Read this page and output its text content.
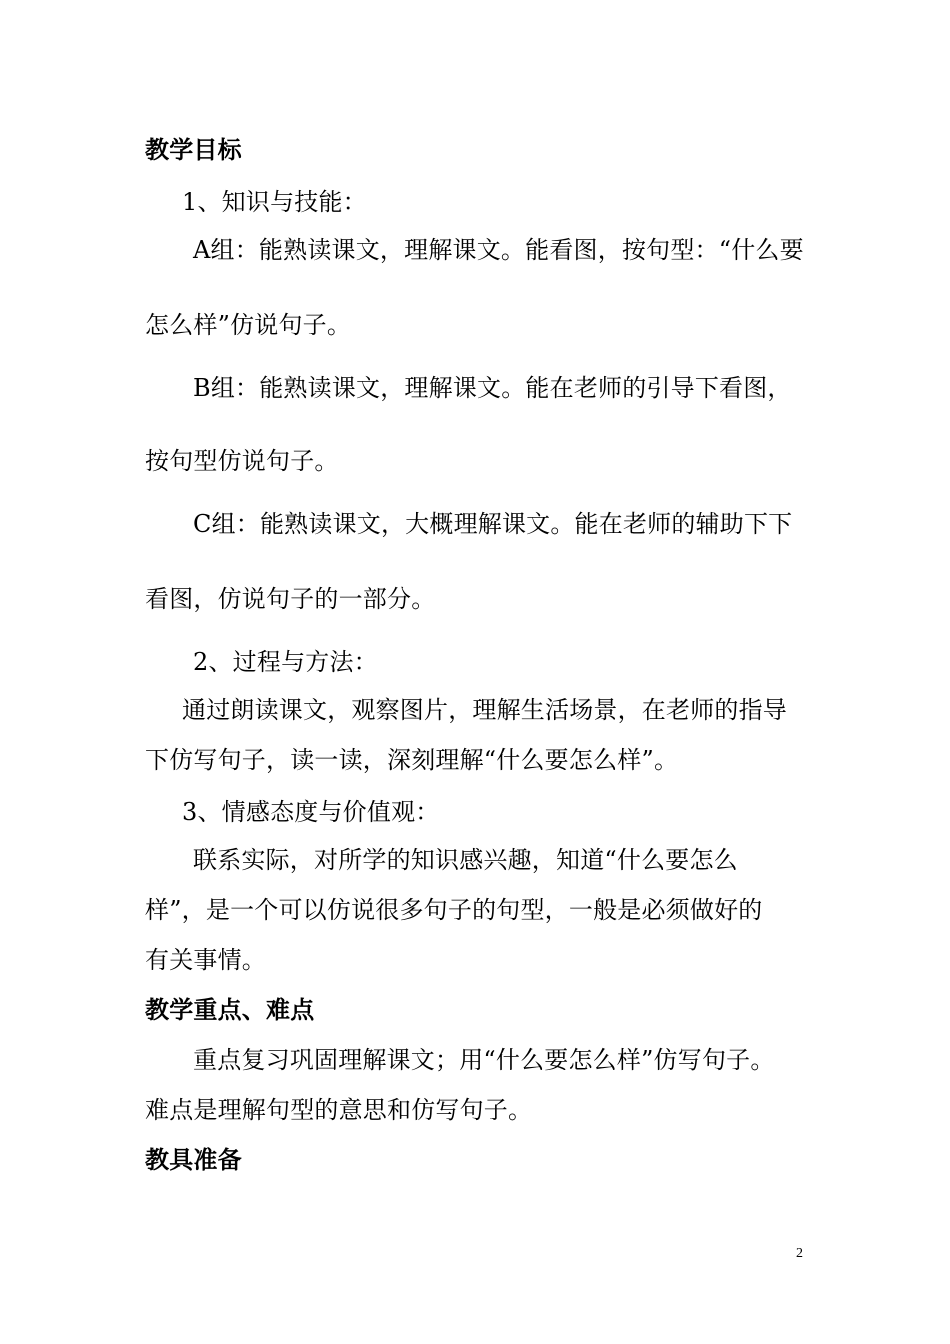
教学目标
1、知识与技能：
A组：能熟读课文，理解课文。能看图，按句型：“什么要
怎么样”仿说句子。
B组：能熟读课文，理解课文。能在老师的引导下看图，
按句型仿说句子。
C组：能熟读课文，大概理解课文。能在老师的辅助下下
看图，仿说句子的一部分。
2、过程与方法：
通过朗读课文，观察图片，理解生活场景，在老师的指导
下仿写句子，读一读，深刻理解“什么要怎么样”。
3、情感态度与价值观：
联系实际，对所学的知识感兴趣，知道“什么要怎么
样”，是一个可以仿说很多句子的句型，一般是必须做好的
有关事情。
教学重点、难点
重点复习巩固理解课文；用“什么要怎么样”仿写句子。
难点是理解句型的意思和仿写句子。
教具准备
2
